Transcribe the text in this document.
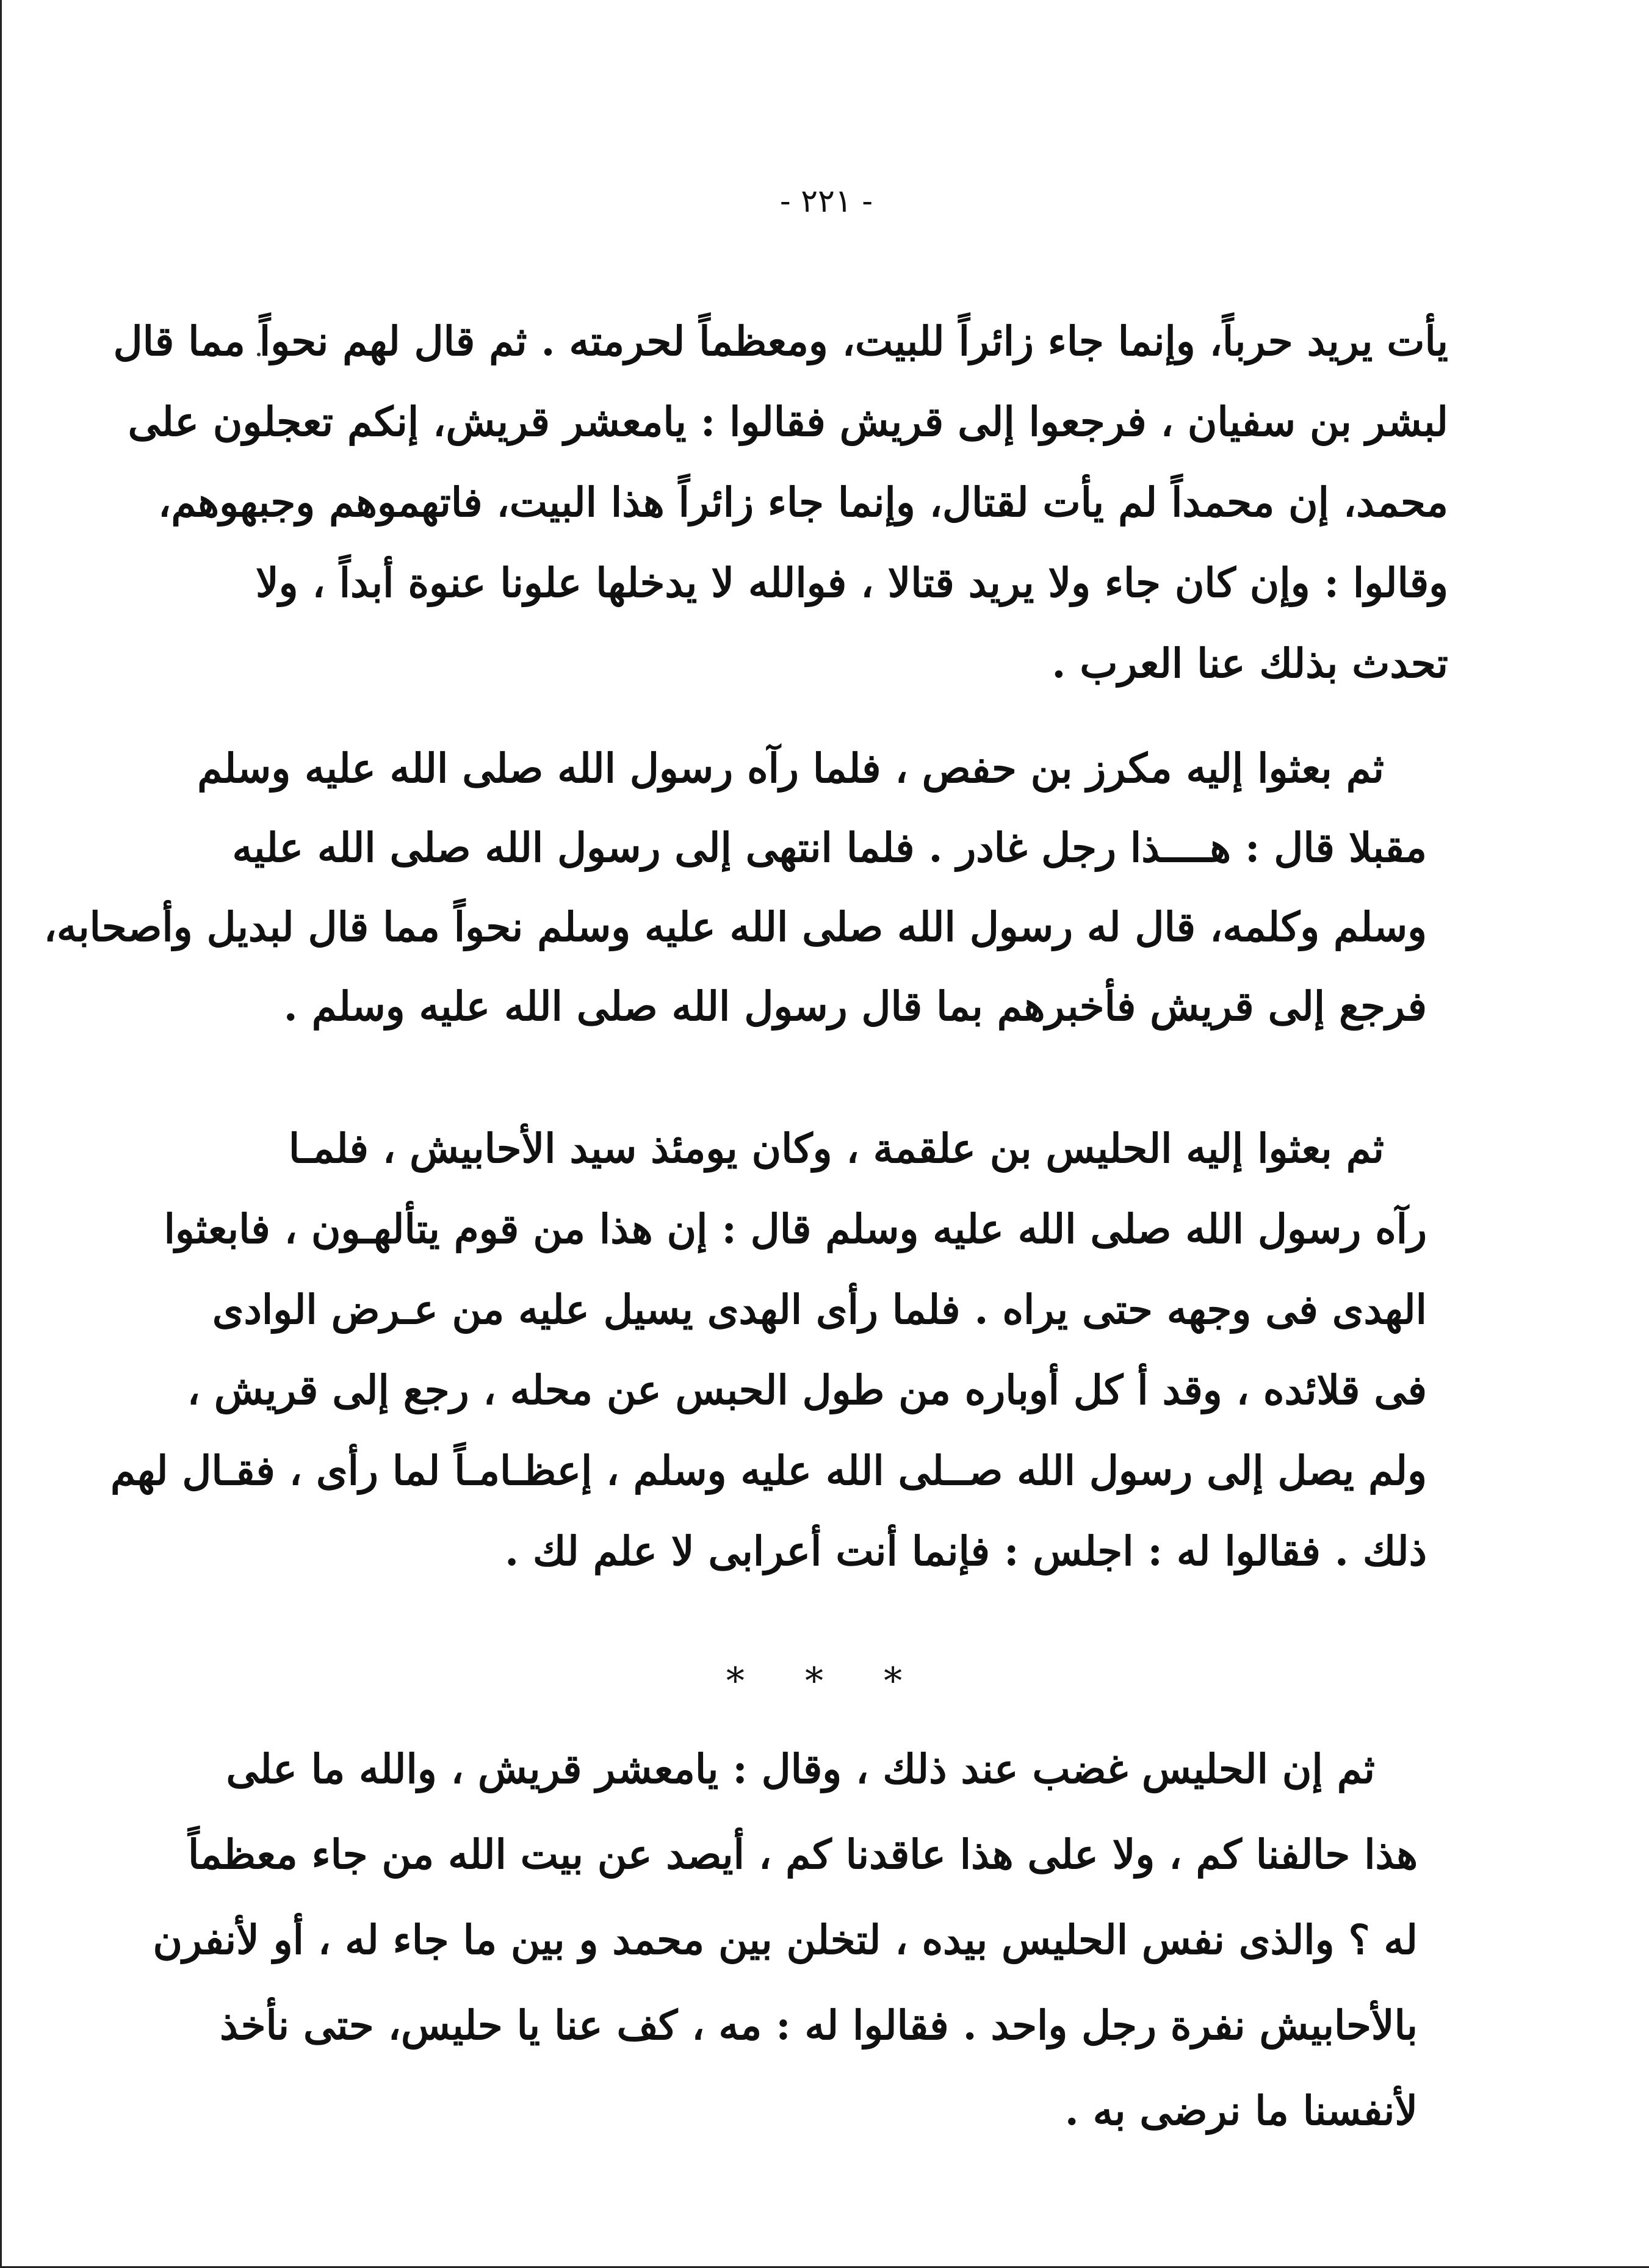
- ٢٢١ -
يأت يريد حرباً، وإنما جاء زائراً للبيت، ومعظماً لحرمته . ثم قال لهم نحواً مما قال
لبشر بن سفيان ، فرجعوا إلى قريش فقالوا : يامعشر قريش، إنكم تعجلون على
محمد، إن محمداً لم يأت لقتال، وإنما جاء زائراً هذا البيت، فاتهموهم وجبهوهم،
وقالوا : وإن كان جاء ولا يريد قتالا ، فوالله لا يدخلها علونا عنوة أبداً ، ولا
تحدث بذلك عنا العرب .
ثم بعثوا إليه مكرز بن حفص ، فلما رآه رسول الله صلى الله عليه وسلم
مقبلا قال : هــــذا رجل غادر . فلما انتهى إلى رسول الله صلى الله عليه
وسلم وكلمه، قال له رسول الله صلى الله عليه وسلم نحواً مما قال لبديل وأصحابه،
فرجع إلى قريش فأخبرهم بما قال رسول الله صلى الله عليه وسلم .
ثم بعثوا إليه الحليس بن علقمة ، وكان يومئذ سيد الأحابيش ، فلمـا
رآه رسول الله صلى الله عليه وسلم قال : إن هذا من قوم يتألهـون ، فابعثوا
الهدى فى وجهه حتى يراه . فلما رأى الهدى يسيل عليه من عـرض الوادى
فى قلائده ، وقد أ كل أوباره من طول الحبس عن محله ، رجع إلى قريش ،
ولم يصل إلى رسول الله صــلى الله عليه وسلم ، إعظـامـاً لما رأى ، فقـال لهم
ذلك . فقالوا له : اجلس : فإنما أنت أعرابى لا علم لك .
* * *
ثم إن الحليس غضب عند ذلك ، وقال : يامعشر قريش ، والله ما على
هذا حالفنا كم ، ولا على هذا عاقدنا كم ، أيصد عن بيت الله من جاء معظماً
له ؟ والذى نفس الحليس بيده ، لتخلن بين محمد و بين ما جاء له ، أو لأنفرن
بالأحابيش نفرة رجل واحد . فقالوا له : مه ، كف عنا يا حليس، حتى نأخذ
لأنفسنا ما نرضى به .
